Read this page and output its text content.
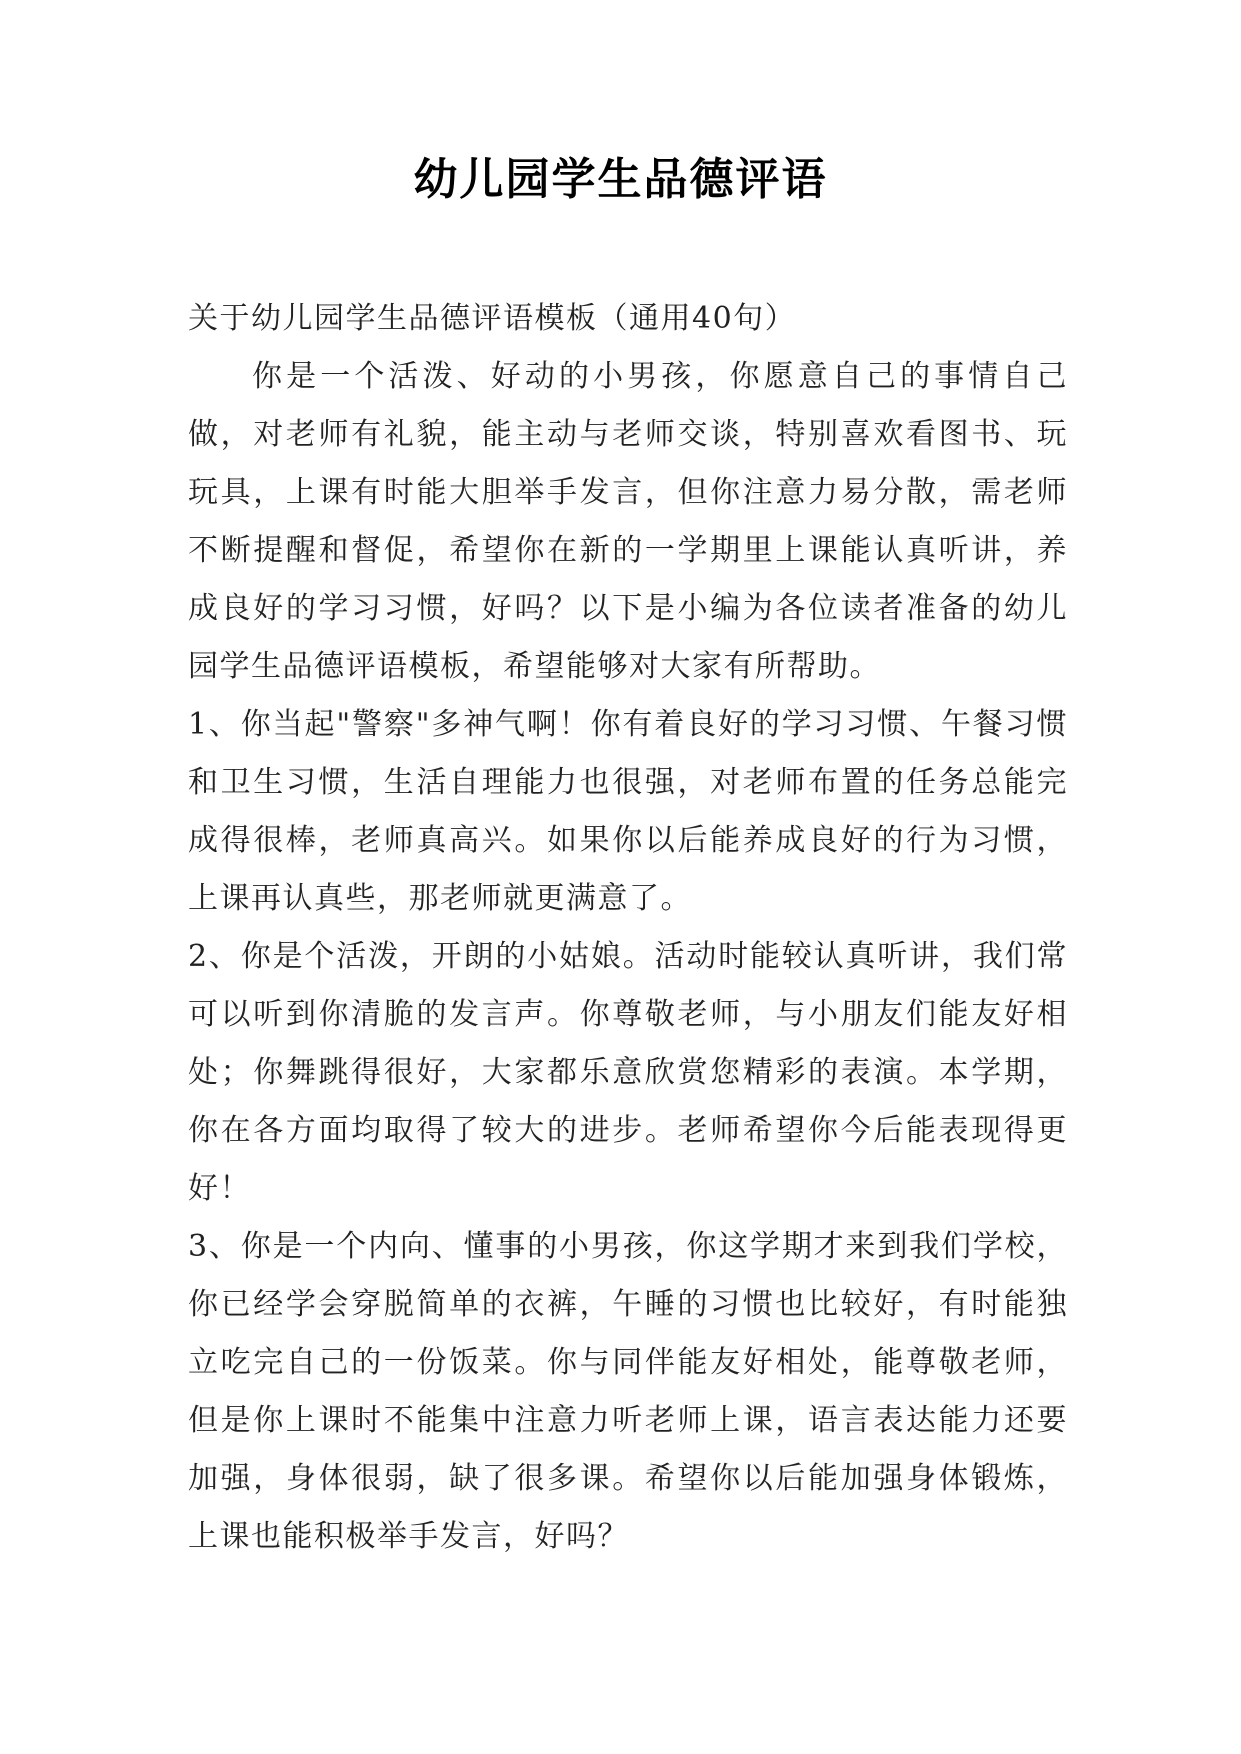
幼儿园学生品德评语

关于幼儿园学生品德评语模板（通用40句）

你是一个活泼、好动的小男孩，你愿意自己的事情自己做，对老师有礼貌，能主动与老师交谈，特别喜欢看图书、玩玩具，上课有时能大胆举手发言，但你注意力易分散，需老师不断提醒和督促，希望你在新的一学期里上课能认真听讲，养成良好的学习习惯，好吗？以下是小编为各位读者准备的幼儿园学生品德评语模板，希望能够对大家有所帮助。

1、你当起"警察"多神气啊！你有着良好的学习习惯、午餐习惯和卫生习惯，生活自理能力也很强，对老师布置的任务总能完成得很棒，老师真高兴。如果你以后能养成良好的行为习惯，上课再认真些，那老师就更满意了。

2、你是个活泼，开朗的小姑娘。活动时能较认真听讲，我们常可以听到你清脆的发言声。你尊敬老师，与小朋友们能友好相处；你舞跳得很好，大家都乐意欣赏您精彩的表演。本学期，你在各方面均取得了较大的进步。老师希望你今后能表现得更好！

3、你是一个内向、懂事的小男孩，你这学期才来到我们学校，你已经学会穿脱简单的衣裤，午睡的习惯也比较好，有时能独立吃完自己的一份饭菜。你与同伴能友好相处，能尊敬老师，但是你上课时不能集中注意力听老师上课，语言表达能力还要加强，身体很弱，缺了很多课。希望你以后能加强身体锻炼，上课也能积极举手发言，好吗？
